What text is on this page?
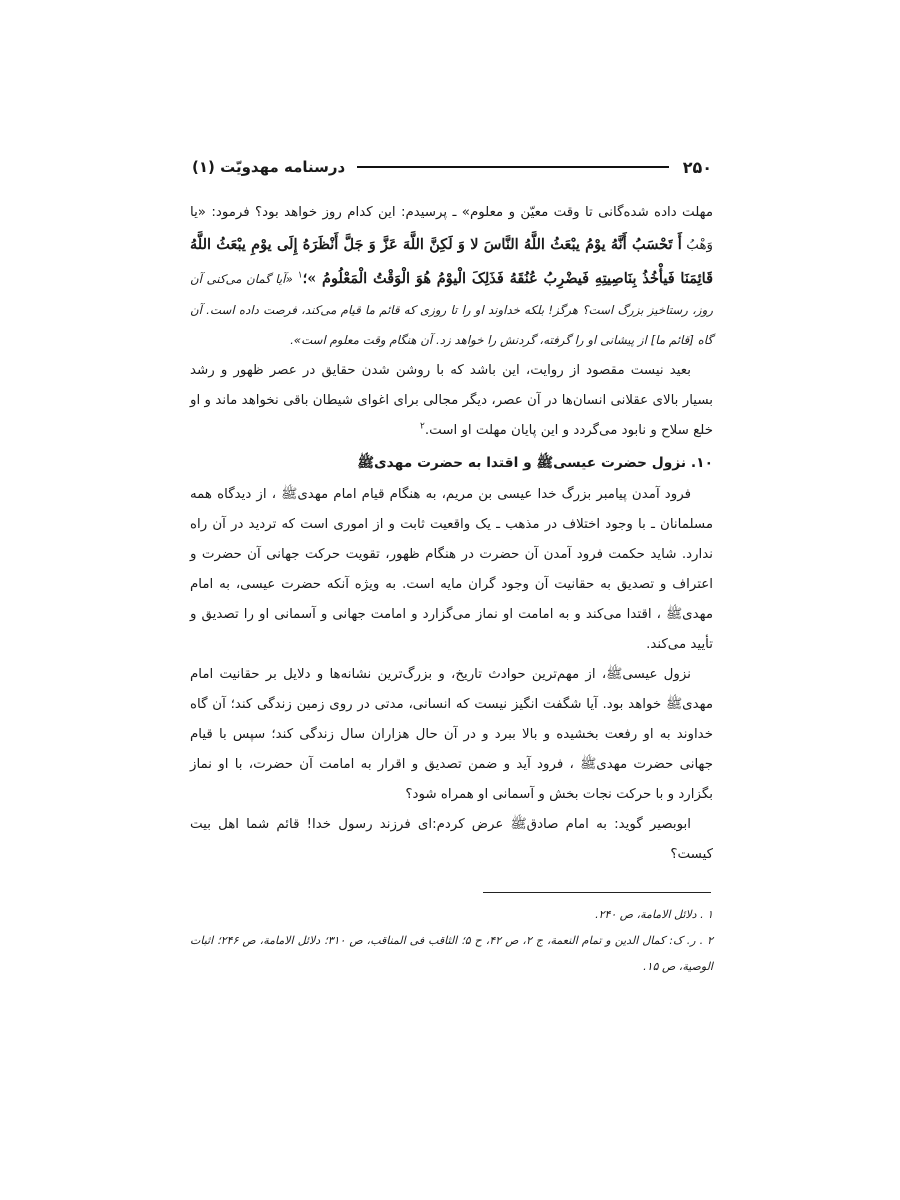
۲۵۰
درسنامه مهدویّت (۱)

مهلت داده شده‌گانی تا وقت معیّن و معلوم» ـ پرسیدم: این کدام روز خواهد بود؟ فرمود: «یا وَهْبُ أَ تَحْسَبُ أَنَّهُ یوْمُ یبْعَثُ اللَّهُ النَّاسَ لا وَ لَکِنَّ اللَّهَ عَزَّ وَ جَلَّ أَنْظَرَهُ إِلَى یوْمِ یبْعَثُ اللَّهُ قَائِمَنَا فَیأْخُذُ بِنَاصِیتِهِ فَیضْرِبُ عُنُقَهُ فَذَلِکَ الْیوْمُ هُوَ الْوَقْتُ الْمَعْلُومُ »؛$^۱$ «آیا گمان می‌کنی آن روز، رستاخیز بزرگ است؟ هرگز! بلکه خداوند او را تا روزی که قائم ما قیام می‌کند، فرصت داده است. آن گاه [قائم ما] از پیشانی او را گرفته، گردنش را خواهد زد. آن هنگام وقت معلوم است».

بعید نیست مقصود از روایت، این باشد که با روشن شدن حقایق در عصر ظهور و رشد بسیار بالای عقلانی انسان‌ها در آن عصر، دیگر مجالی برای اغوای شیطان باقی نخواهد ماند و او خلع سلاح و نابود می‌گردد و این پایان مهلت او است.$^۲$

۱۰. نزول حضرت عیسیﷺ و اقتدا به حضرت مهدیﷺ

فرود آمدن پیامبر بزرگ خدا عیسی بن مریم، به هنگام قیام امام مهدیﷺ ، از دیدگاه همه مسلمانان ـ با وجود اختلاف در مذهب ـ یک واقعیت ثابت و از اموری است که تردید در آن راه ندارد. شاید حکمت فرود آمدن آن حضرت در هنگام ظهور، تقویت حرکت جهانی آن حضرت و اعتراف و تصدیق به حقانیت آن وجود گران مایه است. به ویژه آنکه حضرت عیسی، به امام مهدیﷺ ، اقتدا می‌کند و به امامت او نماز می‌گزارد و امامت جهانی و آسمانی او را تصدیق و تأیید می‌کند.

نزول عیسیﷺ، از مهم‌ترین حوادث تاریخ، و بزرگ‌ترین نشانه‌ها و دلایل بر حقانیت امام مهدیﷺ خواهد بود. آیا شگفت انگیز نیست که انسانی، مدتی در روی زمین زندگی کند؛ آن گاه خداوند به او رفعت بخشیده و بالا ببرد و در آن حال هزاران سال زندگی کند؛ سپس با قیام جهانی حضرت مهدیﷺ ، فرود آید و ضمن تصدیق و اقرار به امامت آن حضرت، با او نماز بگزارد و با حرکت نجات بخش و آسمانی او همراه شود؟

ابوبصیر گوید: به امام صادقﷺ عرض کردم:ای فرزند رسول خدا! قائم شما اهل بیت کیست؟

۱ . دلائل الامامة، ص ۲۴۰.

۲ . ر. ک: کمال الدین و تمام النعمة، ج ۲، ص ۴۲، ح ۵؛ الثاقب فی المناقب، ص ۳۱۰؛ دلائل الامامة، ص ۲۴۶؛ اثبات الوصیة، ص ۱۵.
